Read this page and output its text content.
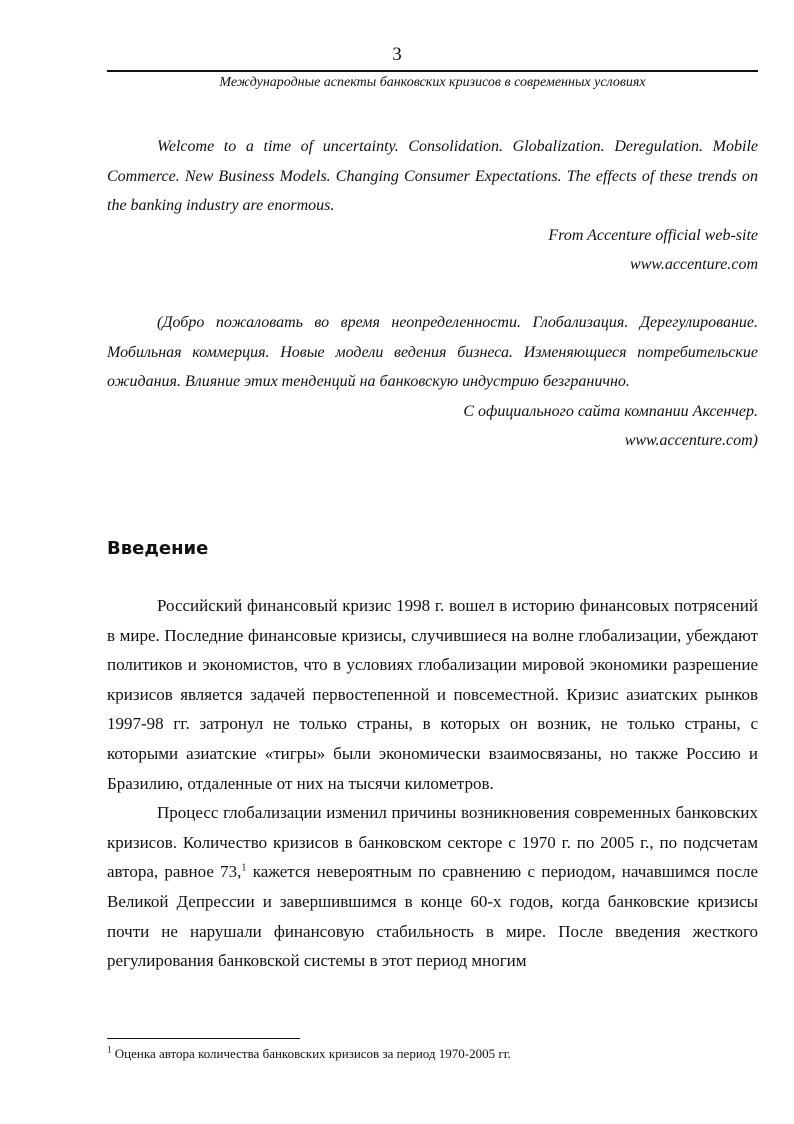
3
Международные аспекты банковских кризисов в современных условиях

Welcome to a time of uncertainty. Consolidation. Globalization. Deregulation. Mobile Commerce. New Business Models. Changing Consumer Expectations. The effects of these trends on the banking industry are enormous.

From Accenture official web-site

www.accenture.com

(Добро пожаловать во время неопределенности. Глобализация. Дерегулирование. Мобильная коммерция. Новые модели ведения бизнеса. Изменяющиеся потребительские ожидания. Влияние этих тенденций на банковскую индустрию безгранично.

С официального сайта компании Аксенчер.

www.accenture.com)

Введение

Российский финансовый кризис 1998 г. вошел в историю финансовых потрясений в мире. Последние финансовые кризисы, случившиеся на волне глобализации, убеждают политиков и экономистов, что в условиях глобализации мировой экономики разрешение кризисов является задачей первостепенной и повсеместной. Кризис азиатских рынков 1997-98 гг. затронул не только страны, в которых он возник, не только страны, с которыми азиатские «тигры» были экономически взаимосвязаны, но также Россию и Бразилию, отдаленные от них на тысячи километров.

Процесс глобализации изменил причины возникновения современных банковских кризисов. Количество кризисов в банковском секторе с 1970 г. по 2005 г., по подсчетам автора, равное 73,$^1$ кажется невероятным по сравнению с периодом, начавшимся после Великой Депрессии и завершившимся в конце 60-х годов, когда банковские кризисы почти не нарушали финансовую стабильность в мире. После введения жесткого регулирования банковской системы в этот период многим

$^1$ Оценка автора количества банковских кризисов за период 1970-2005 гг.
